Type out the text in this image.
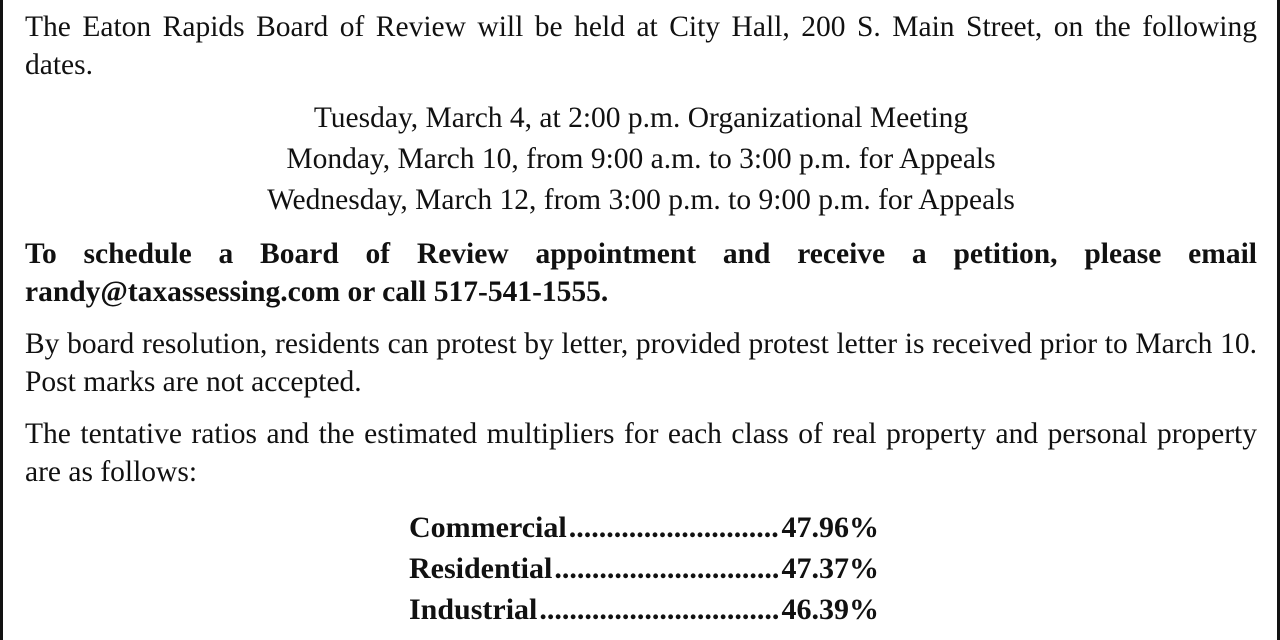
The Eaton Rapids Board of Review will be held at City Hall, 200 S. Main Street, on the following dates.

Tuesday, March 4, at 2:00 p.m. Organizational Meeting
Monday, March 10, from 9:00 a.m. to 3:00 p.m. for Appeals
Wednesday, March 12, from 3:00 p.m. to 9:00 p.m. for Appeals

To schedule a Board of Review appointment and receive a petition, please email randy@taxassessing.com or call 517-541-1555.

By board resolution, residents can protest by letter, provided protest letter is received prior to March 10. Post marks are not accepted.

The tentative ratios and the estimated multipliers for each class of real property and personal property are as follows:

Commercial .....	47.96%
Residential .....	47.37%
Industrial .....	46.39%
